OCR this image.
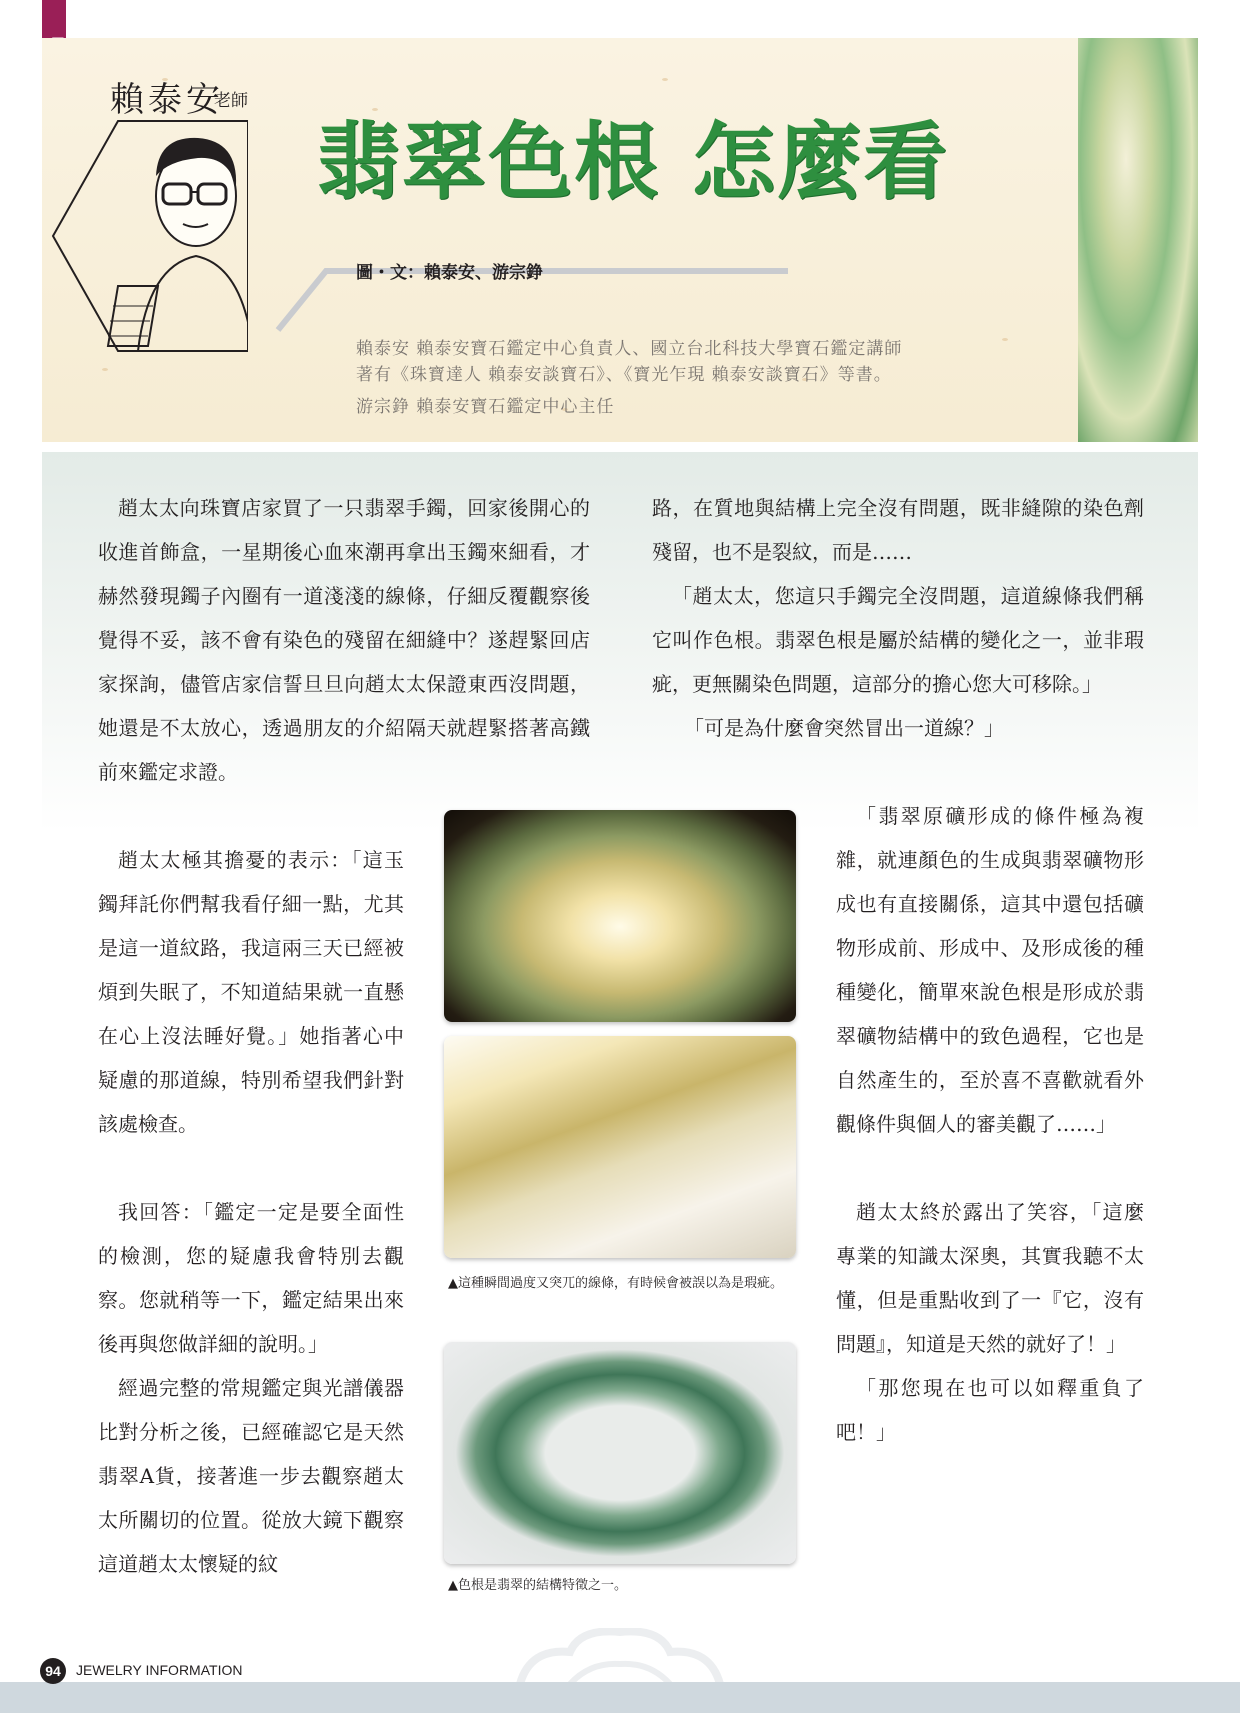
賴泰安
老師
翡翠色根 怎麼看
圖・文：賴泰安、游宗錚
賴泰安 賴泰安寶石鑑定中心負責人、國立台北科技大學寶石鑑定講師
著有《珠寶達人 賴泰安談寶石》、《寶光乍現 賴泰安談寶石》等書。
游宗錚 賴泰安寶石鑑定中心主任

趙太太向珠寶店家買了一只翡翠手鐲，回家後開心的收進首飾盒，一星期後心血來潮再拿出玉鐲來細看，才赫然發現鐲子內圈有一道淺淺的線條，仔細反覆觀察後覺得不妥，該不會有染色的殘留在細縫中？遂趕緊回店家探詢，儘管店家信誓旦旦向趙太太保證東西沒問題，她還是不太放心，透過朋友的介紹隔天就趕緊搭著高鐵前來鑑定求證。

路，在質地與結構上完全沒有問題，既非縫隙的染色劑殘留，也不是裂紋，而是……

「趙太太，您這只手鐲完全沒問題，這道線條我們稱它叫作色根。翡翠色根是屬於結構的變化之一，並非瑕疵，更無關染色問題，這部分的擔心您大可移除。」

「可是為什麼會突然冒出一道線？」

趙太太極其擔憂的表示：「這玉鐲拜託你們幫我看仔細一點，尤其是這一道紋路，我這兩三天已經被煩到失眠了，不知道結果就一直懸在心上沒法睡好覺。」她指著心中疑慮的那道線，特別希望我們針對該處檢查。

我回答：「鑑定一定是要全面性的檢測，您的疑慮我會特別去觀察。您就稍等一下，鑑定結果出來後再與您做詳細的說明。」

經過完整的常規鑑定與光譜儀器比對分析之後，已經確認它是天然翡翠A貨，接著進一步去觀察趙太太所關切的位置。從放大鏡下觀察這道趙太太懷疑的紋

「翡翠原礦形成的條件極為複雜，就連顏色的生成與翡翠礦物形成也有直接關係，這其中還包括礦物形成前、形成中、及形成後的種種變化，簡單來說色根是形成於翡翠礦物結構中的致色過程，它也是自然產生的，至於喜不喜歡就看外觀條件與個人的審美觀了……」

趙太太終於露出了笑容，「這麼專業的知識太深奧，其實我聽不太懂，但是重點收到了一『它，沒有問題』，知道是天然的就好了！」

「那您現在也可以如釋重負了吧！」

▲這種瞬間過度又突兀的線條，有時候會被誤以為是瑕疵。
▲色根是翡翠的結構特徵之一。
94	JEWELRY INFORMATION
